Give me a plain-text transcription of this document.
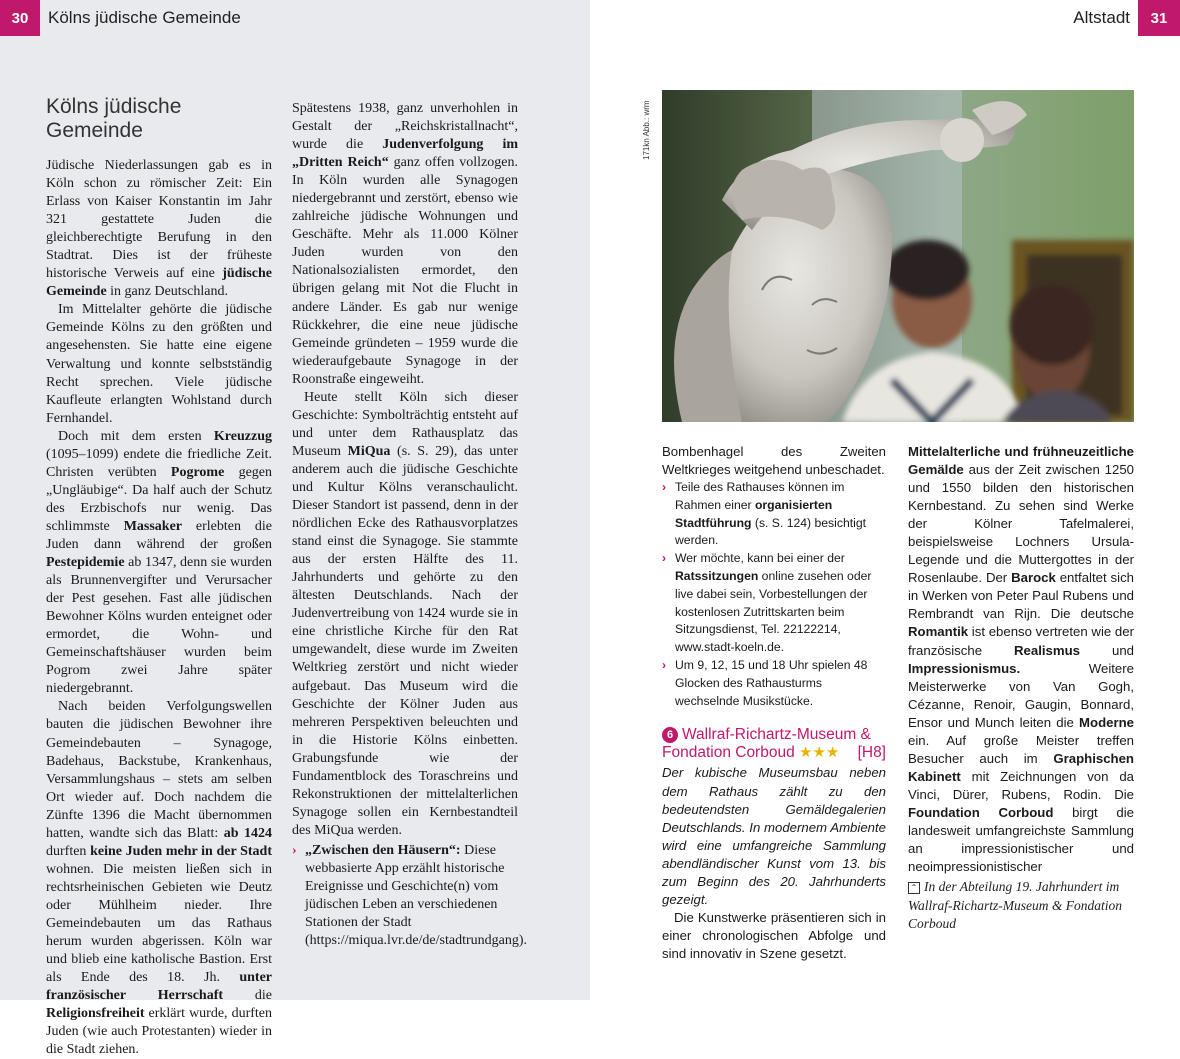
30	Kölns jüdische Gemeinde
Kölns jüdische Gemeinde

Jüdische Niederlassungen gab es in Köln schon zu römischer Zeit: Ein Erlass von Kaiser Konstantin im Jahr 321 gestattete Juden die gleichberechtigte Berufung in den Stadtrat. Dies ist der früheste historische Verweis auf eine jüdische Gemeinde in ganz Deutschland.

Im Mittelalter gehörte die jüdische Gemeinde Kölns zu den größten und angesehensten. Sie hatte eine eigene Verwaltung und konnte selbstständig Recht sprechen. Viele jüdische Kaufleute erlangten Wohlstand durch Fernhandel.

Doch mit dem ersten Kreuzzug (1095–1099) endete die friedliche Zeit. Christen verübten Pogrome gegen „Ungläubige“. Da half auch der Schutz des Erzbischofs nur wenig. Das schlimmste Massaker erlebten die Juden dann während der großen Pestepidemie ab 1347, denn sie wurden als Brunnenvergifter und Verursacher der Pest gesehen. Fast alle jüdischen Bewohner Kölns wurden enteignet oder ermordet, die Wohn- und Gemeinschaftshäuser wurden beim Pogrom zwei Jahre später niedergebrannt.

Nach beiden Verfolgungswellen bauten die jüdischen Bewohner ihre Gemeindebauten – Synagoge, Badehaus, Backstube, Krankenhaus, Versammlungshaus – stets am selben Ort wieder auf. Doch nachdem die Zünfte 1396 die Macht übernommen hatten, wandte sich das Blatt: ab 1424 durften keine Juden mehr in der Stadt wohnen. Die meisten ließen sich in rechtsrheinischen Gebieten wie Deutz oder Mühlheim nieder. Ihre Gemeindebauten um das Rathaus herum wurden abgerissen. Köln war und blieb eine katholische Bastion. Erst als Ende des 18. Jh. unter französischer Herrschaft die Religionsfreiheit erklärt wurde, durften Juden (wie auch Protestanten) wieder in die Stadt ziehen.

Spätestens 1938, ganz unverhohlen in Gestalt der „Reichskristallnacht“, wurde die Judenverfolgung im „Dritten Reich“ ganz offen vollzogen. In Köln wurden alle Synagogen niedergebrannt und zerstört, ebenso wie zahlreiche jüdische Wohnungen und Geschäfte. Mehr als 11.000 Kölner Juden wurden von den Nationalsozialisten ermordet, den übrigen gelang mit Not die Flucht in andere Länder. Es gab nur wenige Rückkehrer, die eine neue jüdische Gemeinde gründeten – 1959 wurde die wiederaufgebaute Synagoge in der Roonstraße eingeweiht.

Heute stellt Köln sich dieser Geschichte: Symbolträchtig entsteht auf und unter dem Rathausplatz das Museum MiQua (s. S. 29), das unter anderem auch die jüdische Geschichte und Kultur Kölns veranschaulicht. Dieser Standort ist passend, denn in der nördlichen Ecke des Rathausvorplatzes stand einst die Synagoge. Sie stammte aus der ersten Hälfte des 11. Jahrhunderts und gehörte zu den ältesten Deutschlands. Nach der Judenvertreibung von 1424 wurde sie in eine christliche Kirche für den Rat umgewandelt, diese wurde im Zweiten Weltkrieg zerstört und nicht wieder aufgebaut. Das Museum wird die Geschichte der Kölner Juden aus mehreren Perspektiven beleuchten und in die Historie Kölns einbetten. Grabungsfunde wie der Fundamentblock des Toraschreins und Rekonstruktionen der mittelalterlichen Synagoge sollen ein Kernbestandteil des MiQua werden.

› „Zwischen den Häusern“: Diese webbasierte App erzählt historische Ereignisse und Geschichte(n) vom jüdischen Leben an verschiedenen Stationen der Stadt (https://miqua.lvr.de/de/stadtrundgang).

Altstadt	31
171kn Abb.: wrm

Bombenhagel des Zweiten Weltkrieges weitgehend unbeschadet.

› Teile des Rathauses können im Rahmen einer organisierten Stadtführung (s. S. 124) besichtigt werden.
› Wer möchte, kann bei einer der Ratssitzungen online zusehen oder live dabei sein, Vorbestellungen der kostenlosen Zutrittskarten beim Sitzungsdienst, Tel. 22122214, www.stadt-koeln.de.
› Um 9, 12, 15 und 18 Uhr spielen 48 Glocken des Rathausturms wechselnde Musikstücke.
6 Wallraf-Richartz-Museum &
Fondation Corboud ★★★ [H8]

Der kubische Museumsbau neben dem Rathaus zählt zu den bedeutendsten Gemäldegalerien Deutschlands. In modernem Ambiente wird eine umfangreiche Sammlung abendländischer Kunst vom 13. bis zum Beginn des 20. Jahrhunderts gezeigt.

Die Kunstwerke präsentieren sich in einer chronologischen Abfolge und sind innovativ in Szene gesetzt.

Mittelalterliche und frühneuzeitliche Gemälde aus der Zeit zwischen 1250 und 1550 bilden den historischen Kernbestand. Zu sehen sind Werke der Kölner Tafelmalerei, beispielsweise Lochners Ursula-Legende und die Muttergottes in der Rosenlaube. Der Barock entfaltet sich in Werken von Peter Paul Rubens und Rembrandt van Rijn. Die deutsche Romantik ist ebenso vertreten wie der französische Realismus und Impressionismus. Weitere Meisterwerke von Van Gogh, Cézanne, Renoir, Gaugin, Bonnard, Ensor und Munch leiten die Moderne ein. Auf große Meister treffen Besucher auch im Graphischen Kabinett mit Zeichnungen von da Vinci, Dürer, Rubens, Rodin. Die Foundation Corboud birgt die landesweit umfangreichste Sammlung an impressionistischer und neoimpressionistischer

⌃ In der Abteilung 19. Jahrhundert im Wallraf-Richartz-Museum & Fondation Corboud
